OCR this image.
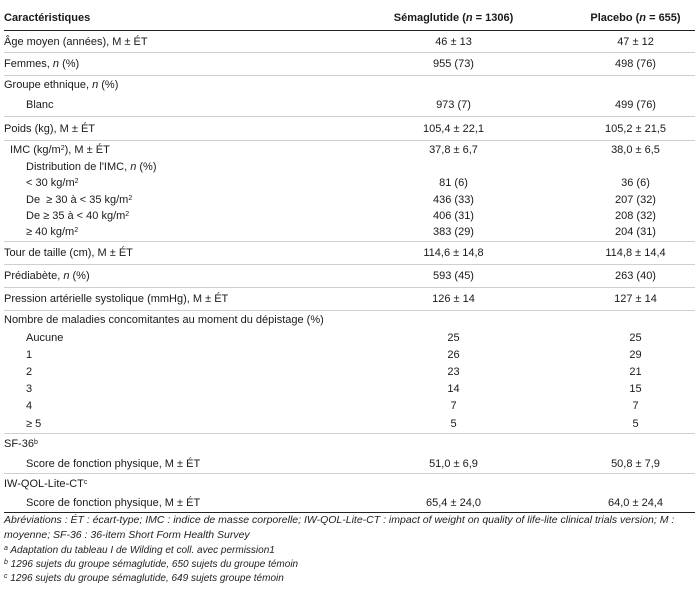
Caractéristiques	Sémaglutide (n = 1306)	Placebo (n = 655)
Âge moyen (années), M ± ÉT	46 ± 13	47 ± 12
Femmes, n (%)	955 (73)	498 (76)
Groupe ethnique, n (%)		
Blanc	973 (7)	499 (76)
Poids (kg), M ± ÉT	105,4 ± 22,1	105,2 ± 21,5
IMC $(kg/m^2)$, M ± ÉT	37,8 ± 6,7	38,0 ± 6,5
Distribution de l'IMC, n (%)		
< 30 $kg/m^2$	81 (6)	36 (6)
De  ≥ 30 à < 35 $kg/m^2$	436 (33)	207 (32)
De ≥ 35 à < 40 $kg/m^2$	406 (31)	208 (32)
≥ 40 $kg/m^2$	383 (29)	204 (31)
Tour de taille (cm), M ± ÉT	114,6 ± 14,8	114,8 ± 14,4
Prédiabète, n (%)	593 (45)	263 (40)
Pression artérielle systolique (mmHg), M ± ÉT	126 ± 14	127 ± 14
Nombre de maladies concomitantes au moment du dépistage (%)		
Aucune	25	25
1	26	29
2	23	21
3	14	15
4	7	7
≥ 5	5	5
SF-36$^b$
Score de fonction physique, M ± ÉT	51,0 ± 6,9	50,8 ± 7,9
$IW-QOL-Lite-CT^c$
Score de fonction physique, M ± ÉT	65,4 ± 24,0	64,0 ± 24,4

Abréviations : ÉT : écart-type; IMC : indice de masse corporelle; IW-QOL-Lite-CT : impact of weight on quality of life-lite clinical trials version; M : moyenne; SF-36 : 36-item Short Form Health Survey

$^a$ Adaptation du tableau I de Wilding et coll. avec permission1

$^b$ 1296 sujets du groupe sémaglutide, 650 sujets du groupe témoin

$^c$ 1296 sujets du groupe sémaglutide, 649 sujets groupe témoin
